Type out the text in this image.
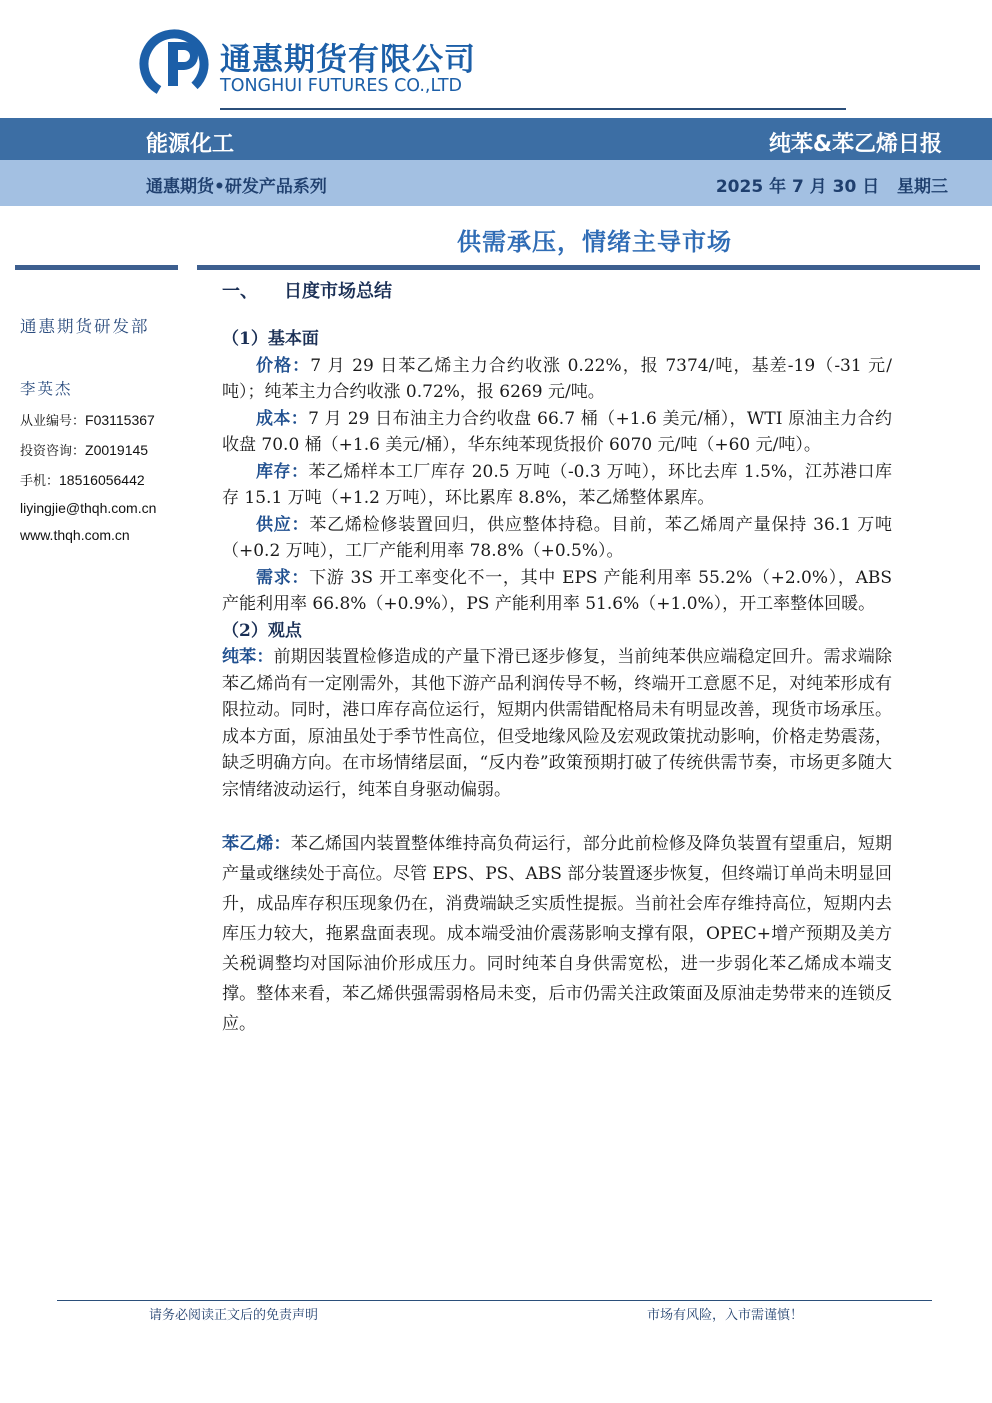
通惠期货有限公司
TONGHUI FUTURES CO.,LTD
能源化工	纯苯&苯乙烯日报
通惠期货•研发产品系列	2025 年 7 月 30 日   星期三
供需承压，情绪主导市场
一、 日度市场总结
通惠期货研发部
李英杰
从业编号：F03115367
投资咨询：Z0019145
手机：18516056442
liyingjie@thqh.com.cn
www.thqh.com.cn
（1）基本面
价格：7 月 29 日苯乙烯主力合约收涨 0.22%，报 7374/吨，基差-19（-31 元/吨）；纯苯主力合约收涨 0.72%，报 6269 元/吨。
成本：7 月 29 日布油主力合约收盘 66.7 桶（+1.6 美元/桶），WTI 原油主力合约收盘 70.0 桶（+1.6 美元/桶），华东纯苯现货报价 6070 元/吨（+60 元/吨）。
库存：苯乙烯样本工厂库存 20.5 万吨（-0.3 万吨），环比去库 1.5%，江苏港口库存 15.1 万吨（+1.2 万吨），环比累库 8.8%，苯乙烯整体累库。
供应：苯乙烯检修装置回归，供应整体持稳。目前，苯乙烯周产量保持 36.1 万吨（+0.2 万吨），工厂产能利用率 78.8%（+0.5%）。
需求：下游 3S 开工率变化不一，其中 EPS 产能利用率 55.2%（+2.0%），ABS 产能利用率 66.8%（+0.9%），PS 产能利用率 51.6%（+1.0%），开工率整体回暖。
（2）观点
纯苯：前期因装置检修造成的产量下滑已逐步修复，当前纯苯供应端稳定回升。需求端除苯乙烯尚有一定刚需外，其他下游产品利润传导不畅，终端开工意愿不足，对纯苯形成有限拉动。同时，港口库存高位运行，短期内供需错配格局未有明显改善，现货市场承压。成本方面，原油虽处于季节性高位，但受地缘风险及宏观政策扰动影响，价格走势震荡，缺乏明确方向。在市场情绪层面，“反内卷”政策预期打破了传统供需节奏，市场更多随大宗情绪波动运行，纯苯自身驱动偏弱。
苯乙烯：苯乙烯国内装置整体维持高负荷运行，部分此前检修及降负装置有望重启，短期产量或继续处于高位。尽管 EPS、PS、ABS 部分装置逐步恢复，但终端订单尚未明显回升，成品库存积压现象仍在，消费端缺乏实质性提振。当前社会库存维持高位，短期内去库压力较大，拖累盘面表现。成本端受油价震荡影响支撑有限，OPEC+增产预期及美方关税调整均对国际油价形成压力。同时纯苯自身供需宽松，进一步弱化苯乙烯成本端支撑。整体来看，苯乙烯供强需弱格局未变，后市仍需关注政策面及原油走势带来的连锁反应。
请务必阅读正文后的免责声明	市场有风险，入市需谨慎！
